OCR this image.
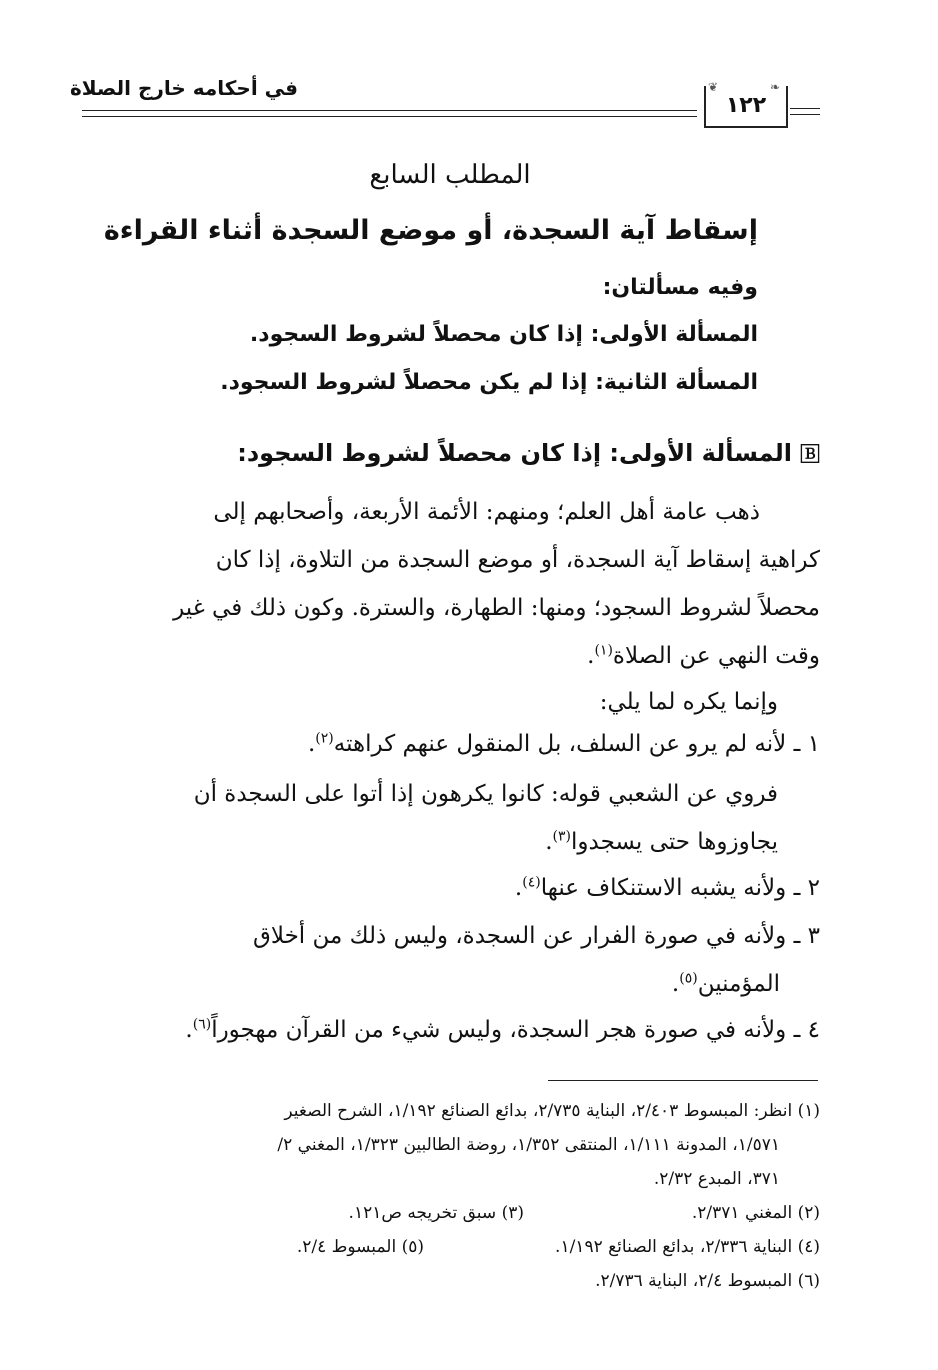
في أحكامه خارج الصلاة	❦	❧
١٢٢
المطلب السابع
إسقاط آية السجدة، أو موضع السجدة أثناء القراءة
وفيه مسألتان:
المسألة الأولى: إذا كان محصلاً لشروط السجود.
المسألة الثانية: إذا لم يكن محصلاً لشروط السجود.
🄱المسألة الأولى: إذا كان محصلاً لشروط السجود:
ذهب عامة أهل العلم؛ ومنهم: الأئمة الأربعة، وأصحابهم إلى
كراهية إسقاط آية السجدة، أو موضع السجدة من التلاوة، إذا كان
محصلاً لشروط السجود؛ ومنها: الطهارة، والسترة. وكون ذلك في غير
وقت النهي عن الصلاة$^{(١)}$.
وإنما يكره لما يلي:
١ ـ لأنه لم يرو عن السلف، بل المنقول عنهم كراهته$^{(٢)}$.
فروي عن الشعبي قوله: كانوا يكرهون إذا أتوا على السجدة أن
يجاوزوها حتى يسجدوا$^{(٣)}$.
٢ ـ ولأنه يشبه الاستنكاف عنها$^{(٤)}$.
٣ ـ ولأنه في صورة الفرار عن السجدة، وليس ذلك من أخلاق
المؤمنين$^{(٥)}$.
٤ ـ ولأنه في صورة هجر السجدة، وليس شيء من القرآن مهجوراً$^{(٦)}$.
(١) انظر: المبسوط ٢/٤٠٣، البناية ٢/٧٣٥، بدائع الصنائع ١/١٩٢، الشرح الصغير
١/٥٧١، المدونة ١/١١١، المنتقى ١/٣٥٢، روضة الطالبين ١/٣٢٣، المغني ٢/
٣٧١، المبدع ٢/٣٢.
(٢) المغني ٢/٣٧١.(٣) سبق تخريجه ص١٢١.
(٤) البناية ٢/٣٣٦، بدائع الصنائع ١/١٩٢.(٥) المبسوط ٢/٤.
(٦) المبسوط ٢/٤، البناية ٢/٧٣٦.
